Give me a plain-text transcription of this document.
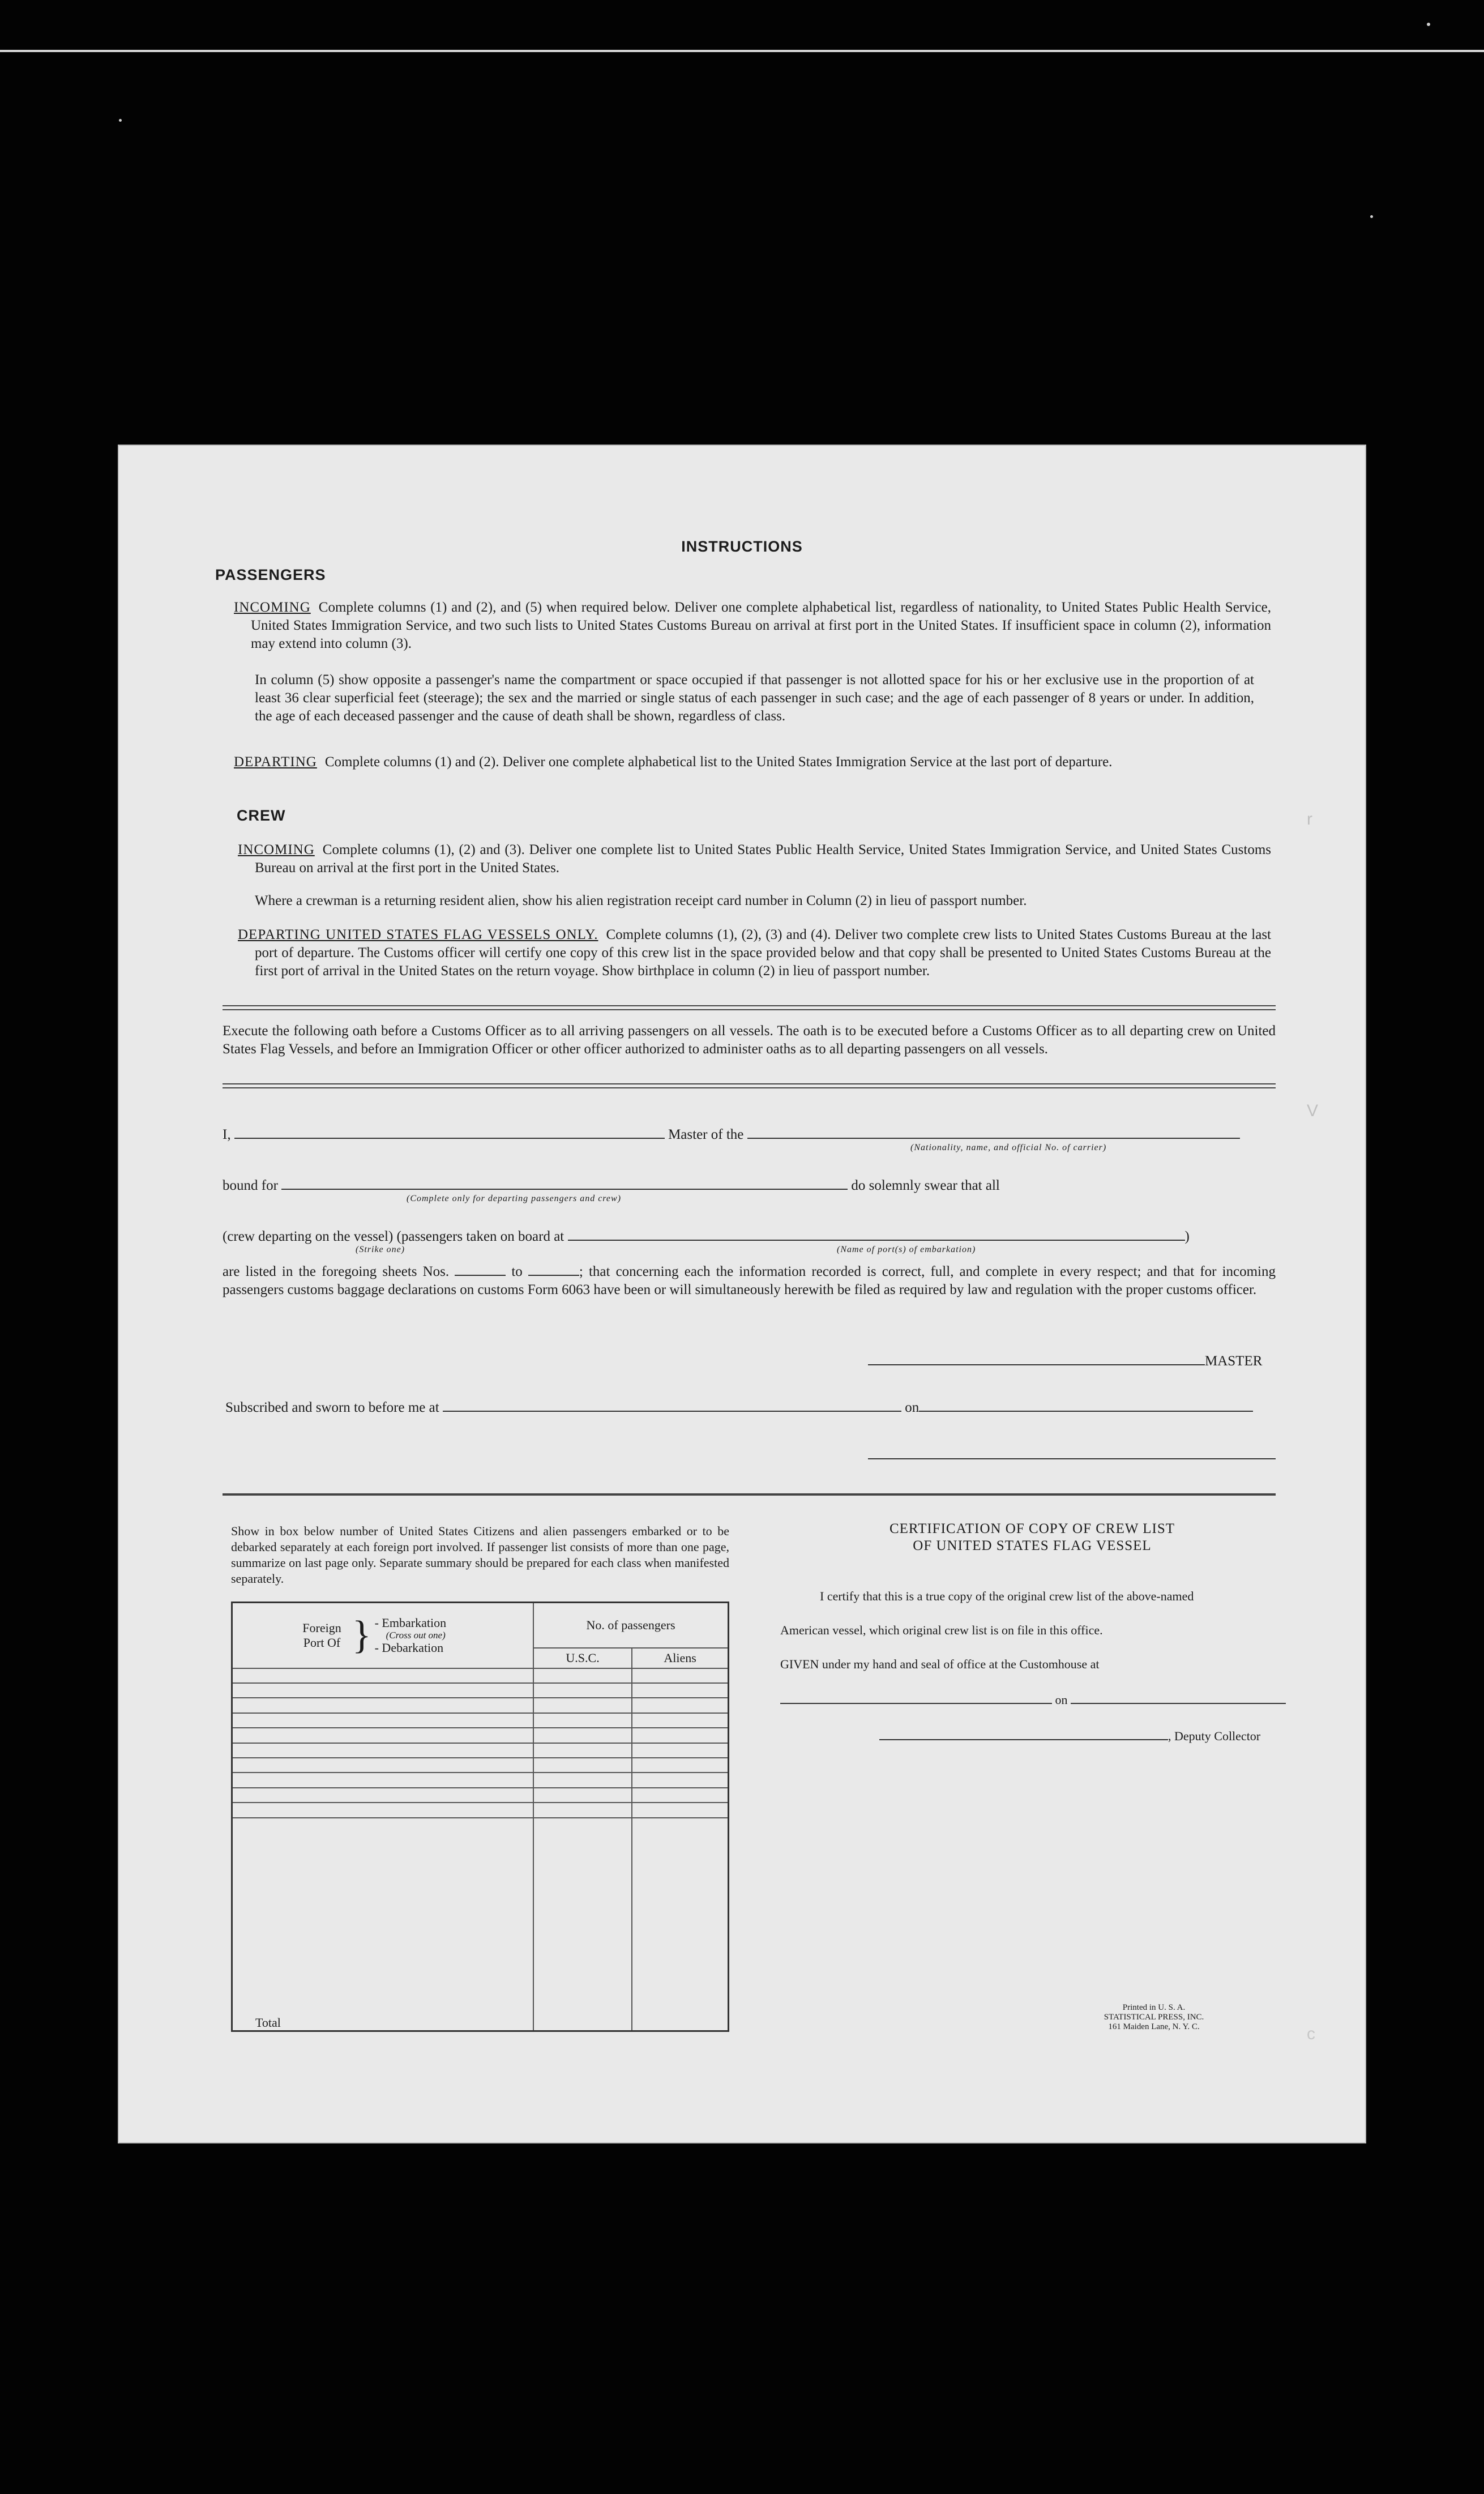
INSTRUCTIONS
PASSENGERS
INCOMING Complete columns (1) and (2), and (5) when required below. Deliver one complete alphabetical list, regardless of nationality, to United States Public Health Service, United States Immigration Service, and two such lists to United States Customs Bureau on arrival at first port in the United States. If insufficient space in column (2), information may extend into column (3).
In column (5) show opposite a passenger's name the compartment or space occupied if that passenger is not allotted space for his or her exclusive use in the proportion of at least 36 clear superficial feet (steerage); the sex and the married or single status of each passenger in such case; and the age of each passenger of 8 years or under. In addition, the age of each deceased passenger and the cause of death shall be shown, regardless of class.
DEPARTING Complete columns (1) and (2). Deliver one complete alphabetical list to the United States Immigration Service at the last port of departure.
CREW
INCOMING Complete columns (1), (2) and (3). Deliver one complete list to United States Public Health Service, United States Immigration Service, and United States Customs Bureau on arrival at the first port in the United States.
Where a crewman is a returning resident alien, show his alien registration receipt card number in Column (2) in lieu of passport number.
DEPARTING UNITED STATES FLAG VESSELS ONLY. Complete columns (1), (2), (3) and (4). Deliver two complete crew lists to United States Customs Bureau at the last port of departure. The Customs officer will certify one copy of this crew list in the space provided below and that copy shall be presented to United States Customs Bureau at the first port of arrival in the United States on the return voyage. Show birthplace in column (2) in lieu of passport number.
Execute the following oath before a Customs Officer as to all arriving passengers on all vessels. The oath is to be executed before a Customs Officer as to all departing crew on United States Flag Vessels, and before an Immigration Officer or other officer authorized to administer oaths as to all departing passengers on all vessels.
I,	Master of the
(Nationality, name, and official No. of carrier)
bound for	do solemnly swear that all
(Complete only for departing passengers and crew)
(crew departing on the vessel) (passengers taken on board at	)
(Strike one)	(Name of port(s) of embarkation)
are listed in the foregoing sheets Nos.	to	; that concerning each the information recorded is correct, full, and complete in every respect; and that for incoming passengers customs baggage declarations on customs Form 6063 have been or will simultaneously herewith be filed as required by law and regulation with the proper customs officer.
MASTER
Subscribed and sworn to before me at	on
Show in box below number of United States Citizens and alien passengers embarked or to be debarked separately at each foreign port involved. If passenger list consists of more than one page, summarize on last page only. Separate summary should be prepared for each class when manifested separately.
Foreign Port Of } - Embarkation
(Cross out one)
- Debarkation	No. of passengers	
	U.S.C.	Aliens

Total		
CERTIFICATION OF COPY OF CREW LIST
OF UNITED STATES FLAG VESSEL
I certify that this is a true copy of the original crew list of the above-named
American vessel, which original crew list is on file in this office.
GIVEN under my hand and seal of office at the Customhouse at
on
, Deputy Collector
Printed in U. S. A.
STATISTICAL PRESS, INC.
161 Maiden Lane, N. Y. C.
r
V
c
